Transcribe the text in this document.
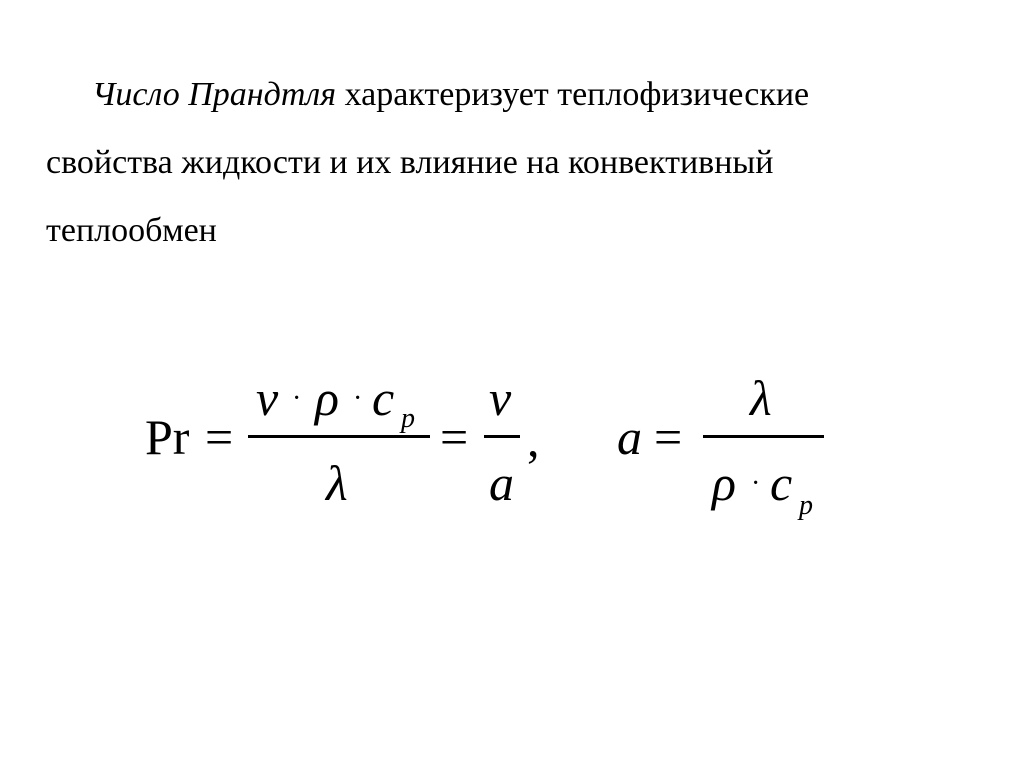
Число Прандтля характеризует теплофизические
свойства жидкости и их влияние на конвективный
теплообмен
Pr =
ν · ρ · c p
λ
=
ν
a
, a =
λ
ρ · c p
